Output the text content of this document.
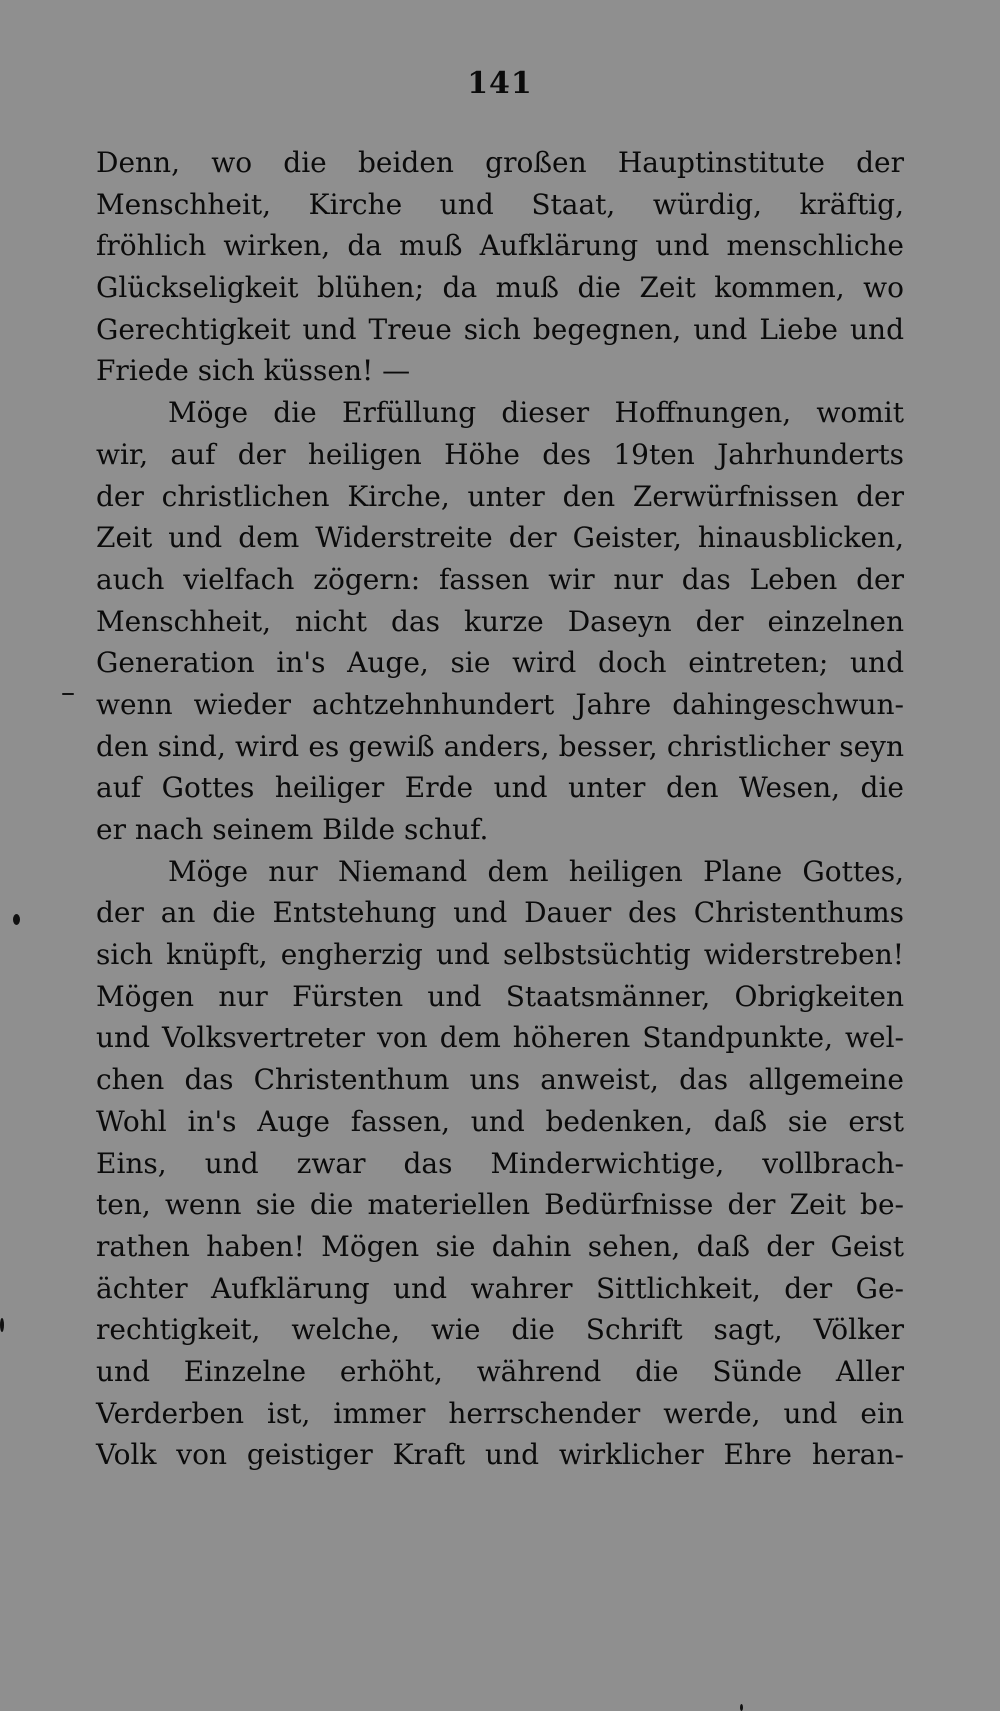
141
Denn, wo die beiden großen Hauptinstitute der
Menschheit, Kirche und Staat, würdig, kräftig,
fröhlich wirken, da muß Aufklärung und menschliche
Glückseligkeit blühen; da muß die Zeit kommen, wo
Gerechtigkeit und Treue sich begegnen, und Liebe und
Friede sich küssen! —
Möge die Erfüllung dieser Hoffnungen, womit
wir, auf der heiligen Höhe des 19ten Jahrhunderts
der christlichen Kirche, unter den Zerwürfnissen der
Zeit und dem Widerstreite der Geister, hinausblicken,
auch vielfach zögern: fassen wir nur das Leben der
Menschheit, nicht das kurze Daseyn der einzelnen
Generation in's Auge, sie wird doch eintreten; und
wenn wieder achtzehnhundert Jahre dahingeschwun-
den sind, wird es gewiß anders, besser, christlicher seyn
auf Gottes heiliger Erde und unter den Wesen, die
er nach seinem Bilde schuf.
Möge nur Niemand dem heiligen Plane Gottes,
der an die Entstehung und Dauer des Christenthums
sich knüpft, engherzig und selbstsüchtig widerstreben!
Mögen nur Fürsten und Staatsmänner, Obrigkeiten
und Volksvertreter von dem höheren Standpunkte, wel-
chen das Christenthum uns anweist, das allgemeine
Wohl in's Auge fassen, und bedenken, daß sie erst
Eins, und zwar das Minderwichtige, vollbrach-
ten, wenn sie die materiellen Bedürfnisse der Zeit be-
rathen haben! Mögen sie dahin sehen, daß der Geist
ächter Aufklärung und wahrer Sittlichkeit, der Ge-
rechtigkeit, welche, wie die Schrift sagt, Völker
und Einzelne erhöht, während die Sünde Aller
Verderben ist, immer herrschender werde, und ein
Volk von geistiger Kraft und wirklicher Ehre heran-
